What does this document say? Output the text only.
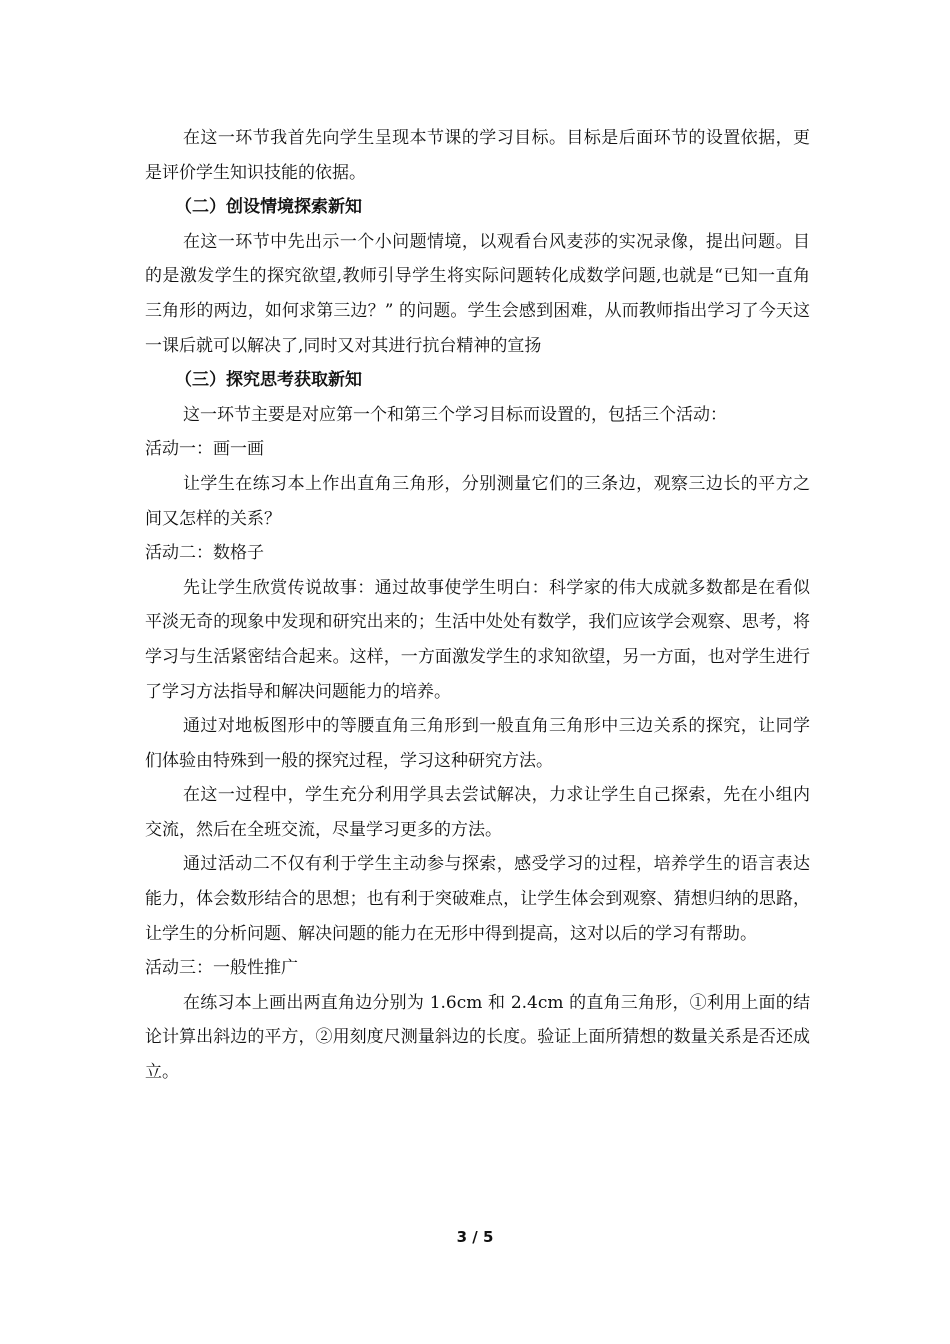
在这一环节我首先向学生呈现本节课的学习目标。目标是后面环节的设置依据，更是评价学生知识技能的依据。

（二）创设情境探索新知

在这一环节中先出示一个小问题情境，以观看台风麦莎的实况录像，提出问题。目的是激发学生的探究欲望,教师引导学生将实际问题转化成数学问题,也就是“已知一直角三角形的两边，如何求第三边？” 的问题。学生会感到困难，从而教师指出学习了今天这一课后就可以解决了,同时又对其进行抗台精神的宣扬

（三）探究思考获取新知

这一环节主要是对应第一个和第三个学习目标而设置的，包括三个活动：

活动一：画一画

让学生在练习本上作出直角三角形，分别测量它们的三条边，观察三边长的平方之间又怎样的关系？

活动二：数格子

先让学生欣赏传说故事：通过故事使学生明白：科学家的伟大成就多数都是在看似平淡无奇的现象中发现和研究出来的；生活中处处有数学，我们应该学会观察、思考，将学习与生活紧密结合起来。这样，一方面激发学生的求知欲望，另一方面，也对学生进行了学习方法指导和解决问题能力的培养。

通过对地板图形中的等腰直角三角形到一般直角三角形中三边关系的探究，让同学们体验由特殊到一般的探究过程，学习这种研究方法。

在这一过程中，学生充分利用学具去尝试解决，力求让学生自己探索，先在小组内交流，然后在全班交流，尽量学习更多的方法。

通过活动二不仅有利于学生主动参与探索，感受学习的过程，培养学生的语言表达能力，体会数形结合的思想；也有利于突破难点，让学生体会到观察、猜想归纳的思路，让学生的分析问题、解决问题的能力在无形中得到提高，这对以后的学习有帮助。

活动三：一般性推广

在练习本上画出两直角边分别为 1.6cm 和 2.4cm 的直角三角形，①利用上面的结论计算出斜边的平方，②用刻度尺测量斜边的长度。验证上面所猜想的数量关系是否还成立。

3 / 5
